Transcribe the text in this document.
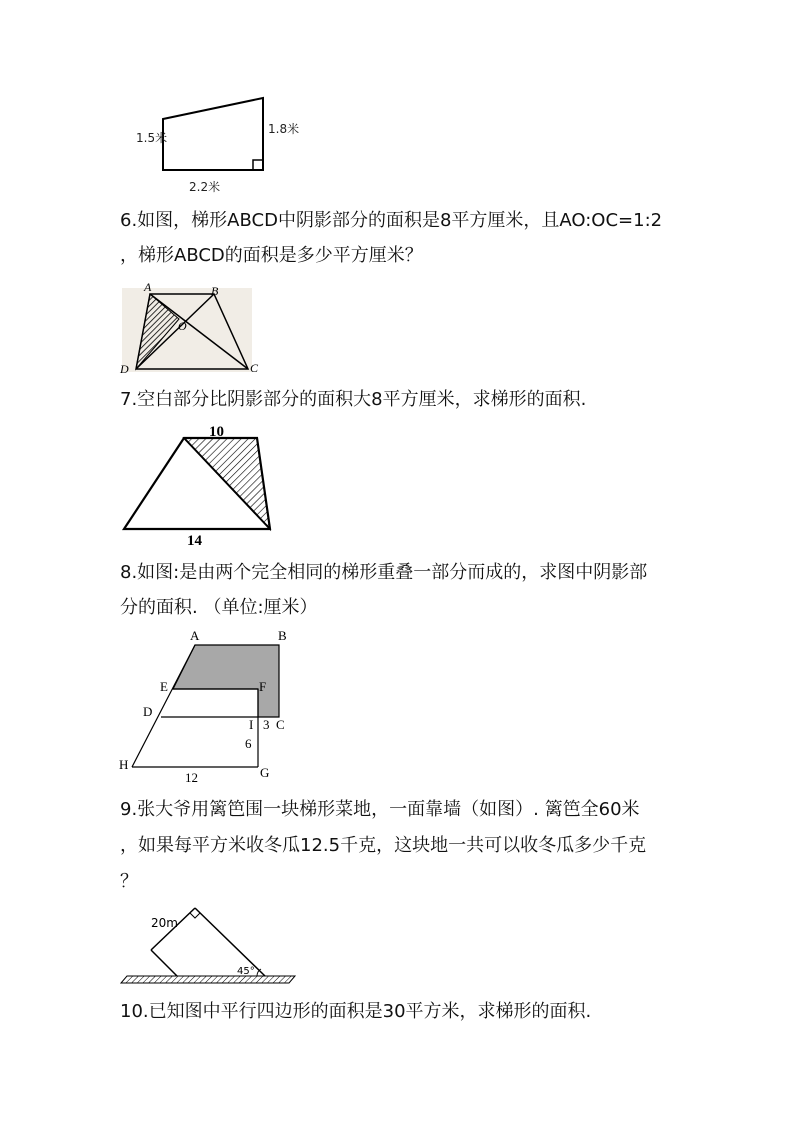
1.5米
1.8米
2.2米
6.如图，梯形ABCD中阴影部分的面积是8平方厘米，且AO:OC=1:2
，梯形ABCD的面积是多少平方厘米？
A	B
O
D	C
7.空白部分比阴影部分的面积大8平方厘米，求梯形的面积.
10
14
8.如图:是由两个完全相同的梯形重叠一部分而成的，求图中阴影部
分的面积. （单位:厘米）
A	B
E	F
D
I 3 C
6
H
G
12
9.张大爷用篱笆围一块梯形菜地，一面靠墙（如图）. 篱笆全60米
，如果每平方米收冬瓜12.5千克，这块地一共可以收冬瓜多少千克
？
20m
45°
10.已知图中平行四边形的面积是30平方米，求梯形的面积.
